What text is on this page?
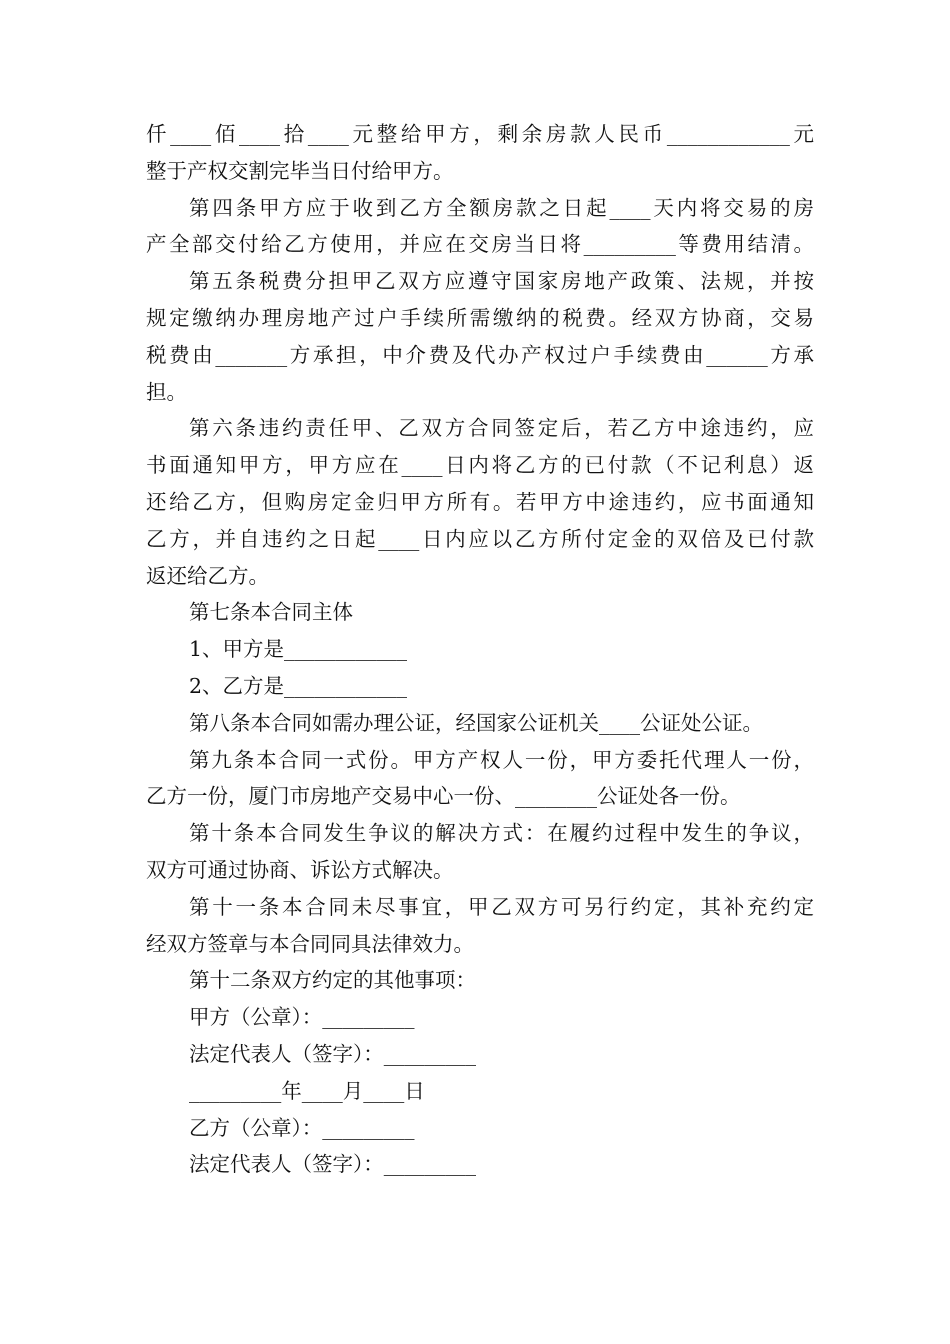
仟____佰____拾____元整给甲方，剩余房款人民币____________元
整于产权交割完毕当日付给甲方。
第四条甲方应于收到乙方全额房款之日起____天内将交易的房
产全部交付给乙方使用，并应在交房当日将_________等费用结清。
第五条税费分担甲乙双方应遵守国家房地产政策、法规，并按
规定缴纳办理房地产过户手续所需缴纳的税费。经双方协商，交易
税费由_______方承担，中介费及代办产权过户手续费由______方承
担。
第六条违约责任甲、乙双方合同签定后，若乙方中途违约，应
书面通知甲方，甲方应在____日内将乙方的已付款（不记利息）返
还给乙方，但购房定金归甲方所有。若甲方中途违约，应书面通知
乙方，并自违约之日起____日内应以乙方所付定金的双倍及已付款
返还给乙方。
第七条本合同主体
1、甲方是____________
2、乙方是____________
第八条本合同如需办理公证，经国家公证机关____公证处公证。
第九条本合同一式份。甲方产权人一份，甲方委托代理人一份，
乙方一份，厦门市房地产交易中心一份、________公证处各一份。
第十条本合同发生争议的解决方式：在履约过程中发生的争议，
双方可通过协商、诉讼方式解决。
第十一条本合同未尽事宜，甲乙双方可另行约定，其补充约定
经双方签章与本合同同具法律效力。
第十二条双方约定的其他事项：
甲方（公章）：_________
法定代表人（签字）：_________
_________年____月____日
乙方（公章）：_________
法定代表人（签字）：_________
